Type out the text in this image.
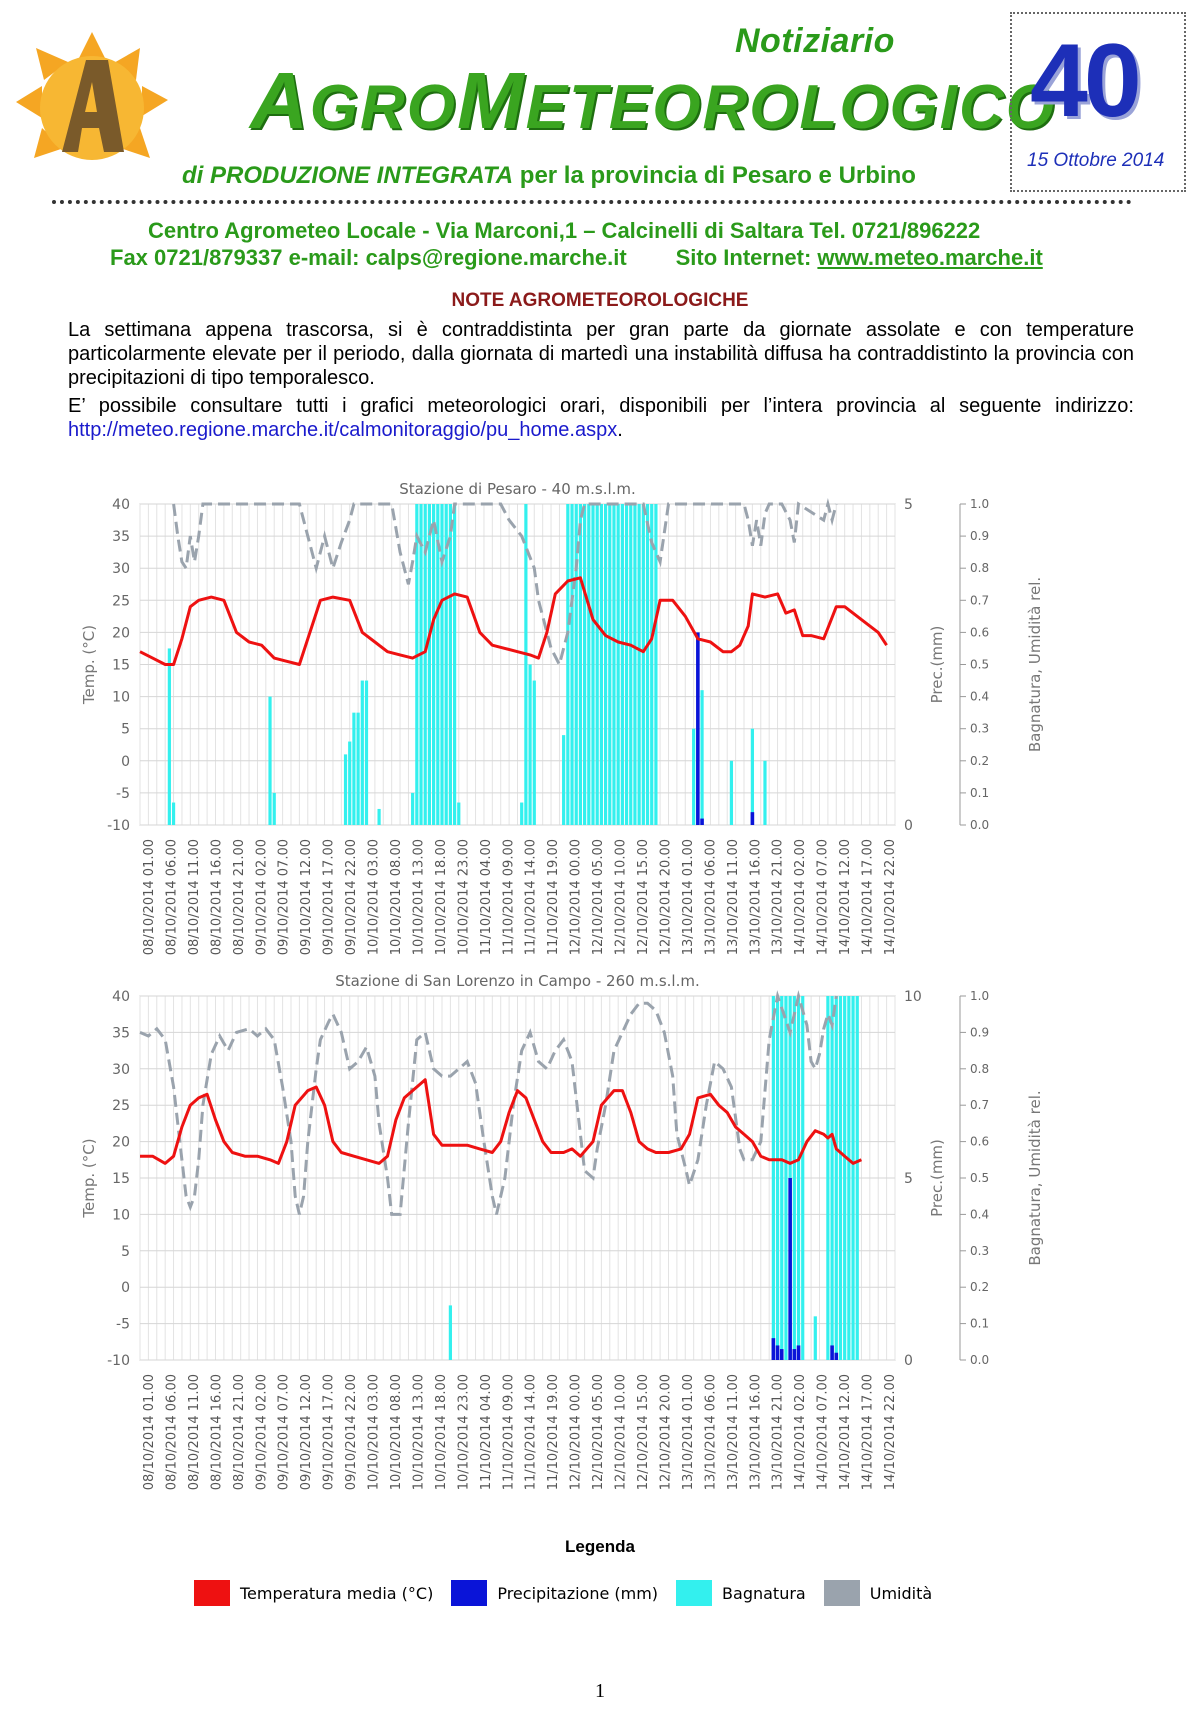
Notiziario
AGROMETEOROLOGICO
di PRODUZIONE INTEGRATA per la provincia di Pesaro e Urbino
40
15 Ottobre 2014
Centro Agrometeo Locale - Via Marconi,1 – Calcinelli di Saltara Tel. 0721/896222
Fax 0721/879337 e-mail: calps@regione.marche.it        Sito Internet: www.meteo.marche.it
NOTE AGROMETEOROLOGICHE
La settimana appena trascorsa, si è contraddistinta per gran parte da giornate assolate e con temperature particolarmente elevate per il periodo, dalla giornata di martedì una instabilità diffusa ha contraddistinto la provincia con precipitazioni di tipo temporalesco.
E’ possibile consultare tutti i grafici meteorologici orari, disponibili per l’intera provincia al seguente indirizzo: http://meteo.regione.marche.it/calmonitoraggio/pu_home.aspx.
Stazione di Pesaro - 40 m.s.l.m.
40
35
30
25
20
15
10
5
0
-5
-10
Temp. (°C)
5
0
Prec.(mm)
1.0
0.9
0.8
0.7
0.6
0.5
0.4
0.3
0.2
0.1
0.0
Bagnatura, Umidità rel.
08/10/2014 01.00 08/10/2014 06.00 08/10/2014 11.00 08/10/2014 16.00 08/10/2014 21.00 09/10/2014 02.00 09/10/2014 07.00 09/10/2014 12.00 09/10/2014 17.00 09/10/2014 22.00 10/10/2014 03.00 10/10/2014 08.00 10/10/2014 13.00 10/10/2014 18.00 10/10/2014 23.00 11/10/2014 04.00 11/10/2014 09.00 11/10/2014 14.00 11/10/2014 19.00 12/10/2014 00.00 12/10/2014 05.00 12/10/2014 10.00 12/10/2014 15.00 12/10/2014 20.00 13/10/2014 01.00 13/10/2014 06.00 13/10/2014 11.00 13/10/2014 16.00 13/10/2014 21.00 14/10/2014 02.00 14/10/2014 07.00 14/10/2014 12.00 14/10/2014 17.00 14/10/2014 22.00
Stazione di San Lorenzo in Campo - 260 m.s.l.m.
40
35
30
25
20
15
10
5
0
-5
-10
Temp. (°C)
10
5
0
Prec.(mm)
1.0
0.9
0.8
0.7
0.6
0.5
0.4
0.3
0.2
0.1
0.0
Bagnatura, Umidità rel.
08/10/2014 01.00 08/10/2014 06.00 08/10/2014 11.00 08/10/2014 16.00 08/10/2014 21.00 09/10/2014 02.00 09/10/2014 07.00 09/10/2014 12.00 09/10/2014 17.00 09/10/2014 22.00 10/10/2014 03.00 10/10/2014 08.00 10/10/2014 13.00 10/10/2014 18.00 10/10/2014 23.00 11/10/2014 04.00 11/10/2014 09.00 11/10/2014 14.00 11/10/2014 19.00 12/10/2014 00.00 12/10/2014 05.00 12/10/2014 10.00 12/10/2014 15.00 12/10/2014 20.00 13/10/2014 01.00 13/10/2014 06.00 13/10/2014 11.00 13/10/2014 16.00 13/10/2014 21.00 14/10/2014 02.00 14/10/2014 07.00 14/10/2014 12.00 14/10/2014 17.00 14/10/2014 22.00
Legenda
Temperatura media (°C)	Precipitazione (mm)	Bagnatura	Umidità
1
